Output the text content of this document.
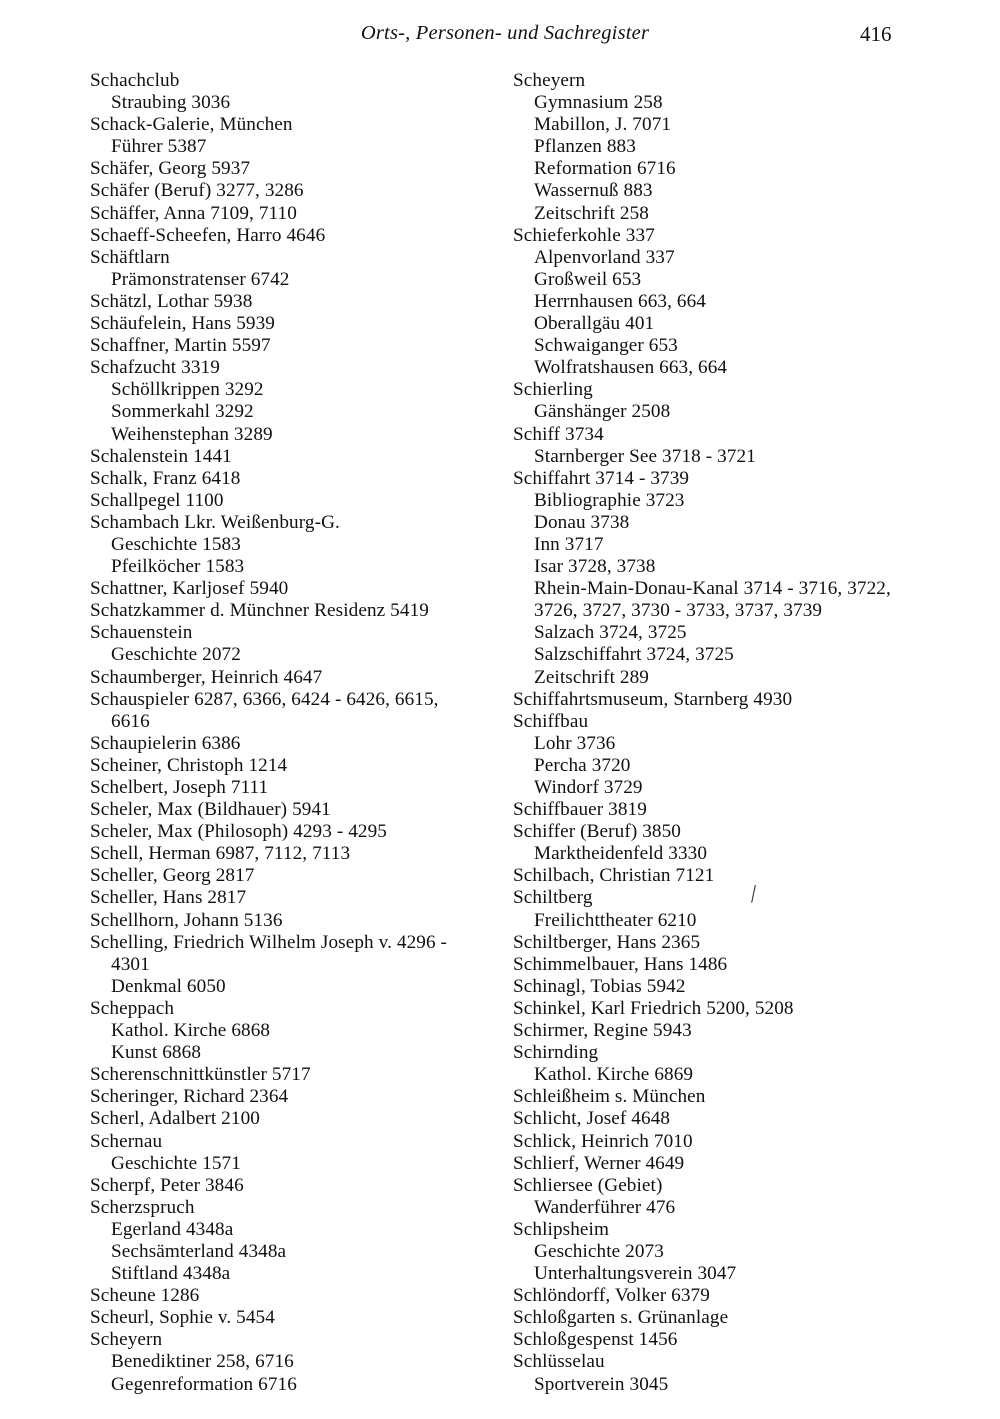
Orts-, Personen- und Sachregister	416
Schachclub
Straubing 3036
Schack-Galerie, München
Führer 5387
Schäfer, Georg 5937
Schäfer (Beruf) 3277, 3286
Schäffer, Anna 7109, 7110
Schaeff-Scheefen, Harro 4646
Schäftlarn
Prämonstratenser 6742
Schätzl, Lothar 5938
Schäufelein, Hans 5939
Schaffner, Martin 5597
Schafzucht 3319
Schöllkrippen 3292
Sommerkahl 3292
Weihenstephan 3289
Schalenstein 1441
Schalk, Franz 6418
Schallpegel 1100
Schambach Lkr. Weißenburg-G.
Geschichte 1583
Pfeilköcher 1583
Schattner, Karljosef 5940
Schatzkammer d. Münchner Residenz 5419
Schauenstein
Geschichte 2072
Schaumberger, Heinrich 4647
Schauspieler 6287, 6366, 6424 - 6426, 6615,
6616
Schaupielerin 6386
Scheiner, Christoph 1214
Schelbert, Joseph 7111
Scheler, Max (Bildhauer) 5941
Scheler, Max (Philosoph) 4293 - 4295
Schell, Herman 6987, 7112, 7113
Scheller, Georg 2817
Scheller, Hans 2817
Schellhorn, Johann 5136
Schelling, Friedrich Wilhelm Joseph v. 4296 -
4301
Denkmal 6050
Scheppach
Kathol. Kirche 6868
Kunst 6868
Scherenschnittkünstler 5717
Scheringer, Richard 2364
Scherl, Adalbert 2100
Schernau
Geschichte 1571
Scherpf, Peter 3846
Scherzspruch
Egerland 4348a
Sechsämterland 4348a
Stiftland 4348a
Scheune 1286
Scheurl, Sophie v. 5454
Scheyern
Benediktiner 258, 6716
Gegenreformation 6716
Scheyern
Gymnasium 258
Mabillon, J. 7071
Pflanzen 883
Reformation 6716
Wassernuß 883
Zeitschrift 258
Schieferkohle 337
Alpenvorland 337
Großweil 653
Herrnhausen 663, 664
Oberallgäu 401
Schwaiganger 653
Wolfratshausen 663, 664
Schierling
Gänshänger 2508
Schiff 3734
Starnberger See 3718 - 3721
Schiffahrt 3714 - 3739
Bibliographie 3723
Donau 3738
Inn 3717
Isar 3728, 3738
Rhein-Main-Donau-Kanal 3714 - 3716, 3722,
3726, 3727, 3730 - 3733, 3737, 3739
Salzach 3724, 3725
Salzschiffahrt 3724, 3725
Zeitschrift 289
Schiffahrtsmuseum, Starnberg 4930
Schiffbau
Lohr 3736
Percha 3720
Windorf 3729
Schiffbauer 3819
Schiffer (Beruf) 3850
Marktheidenfeld 3330
Schilbach, Christian 7121
Schiltberg
Freilichttheater 6210
Schiltberger, Hans 2365
Schimmelbauer, Hans 1486
Schinagl, Tobias 5942
Schinkel, Karl Friedrich 5200, 5208
Schirmer, Regine 5943
Schirnding
Kathol. Kirche 6869
Schleißheim s. München
Schlicht, Josef 4648
Schlick, Heinrich 7010
Schlierf, Werner 4649
Schliersee (Gebiet)
Wanderführer 476
Schlipsheim
Geschichte 2073
Unterhaltungsverein 3047
Schlöndorff, Volker 6379
Schloßgarten s. Grünanlage
Schloßgespenst 1456
Schlüsselau
Sportverein 3045
